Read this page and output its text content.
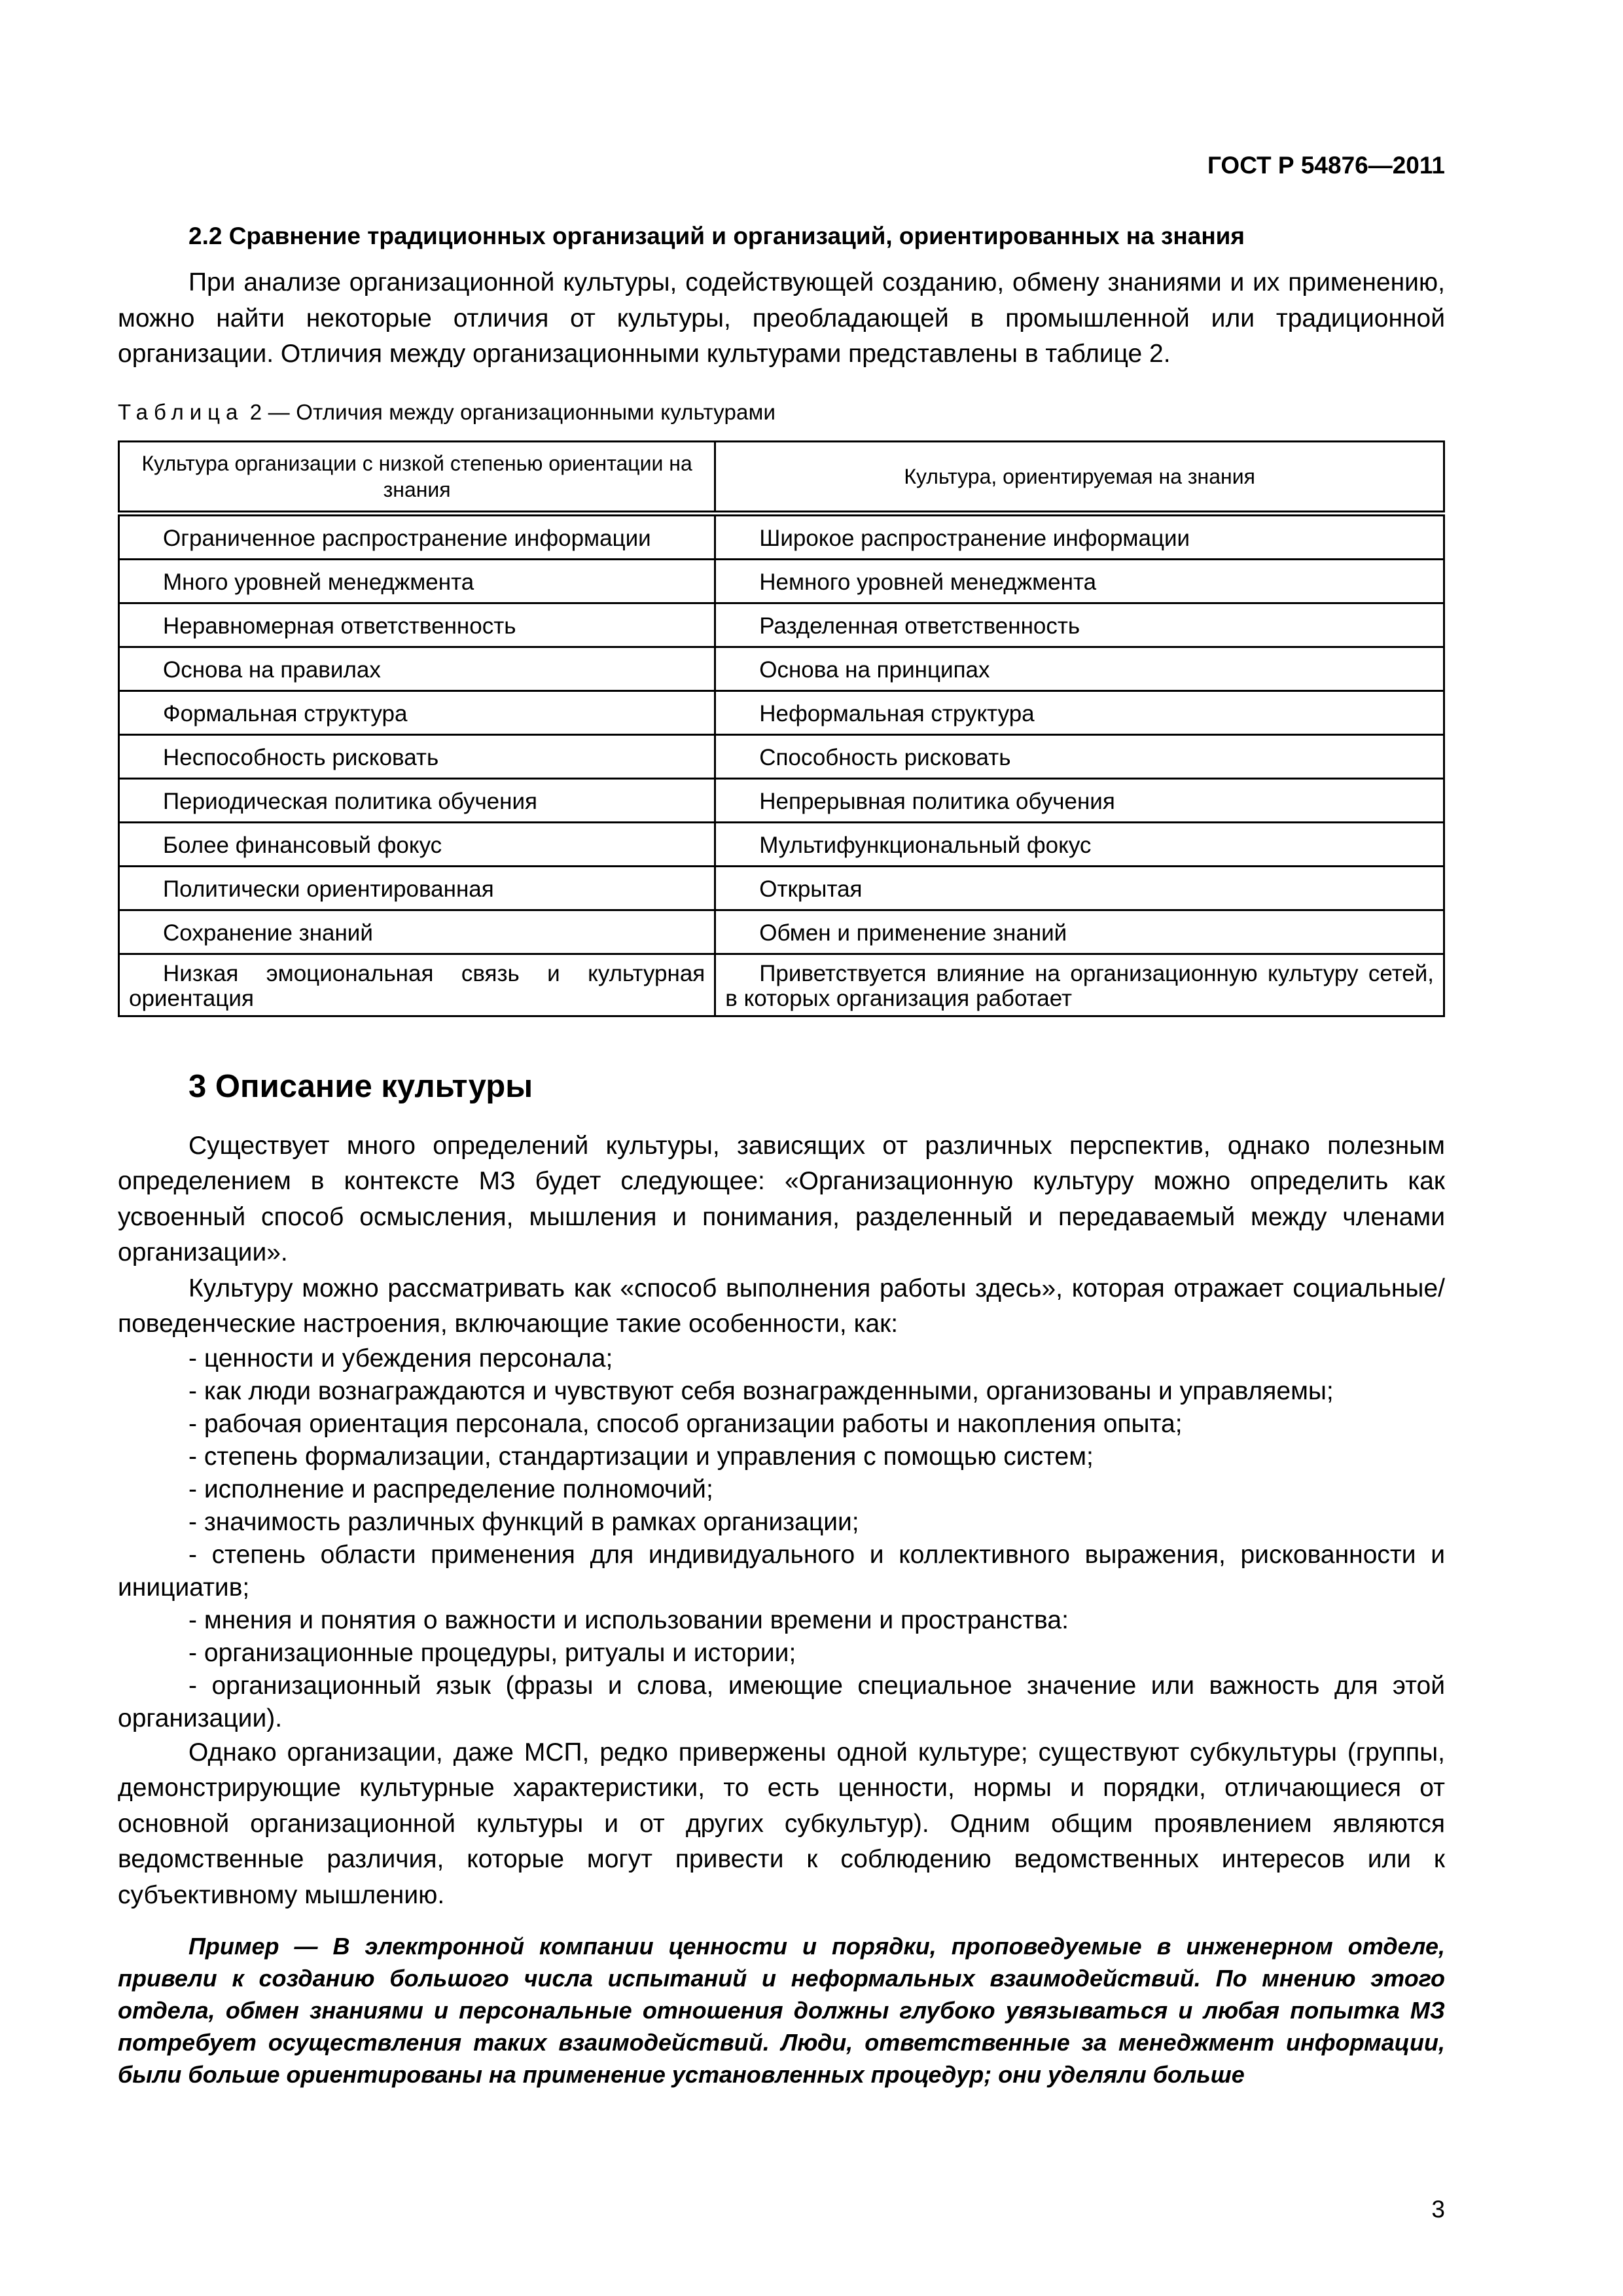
ГОСТ Р 54876—2011
2.2 Сравнение традиционных организаций и организаций, ориентированных на знания

При анализе организационной культуры, содействующей созданию, обмену знаниями и их применению, можно найти некоторые отличия от культуры, преобладающей в промышленной или традиционной организации. Отличия между организационными культурами представлены в таблице 2.

Таблица 2 — Отличия между организационными культурами
Культура организации с низкой степенью ориентации на знания	Культура, ориентируемая на знания

Ограниченное распространение информации	Широкое распространение информации

Много уровней менеджмента	Немного уровней менеджмента

Неравномерная ответственность	Разделенная ответственность

Основа на правилах	Основа на принципах

Формальная структура	Неформальная структура

Неспособность рисковать	Способность рисковать

Периодическая политика обучения	Непрерывная политика обучения

Более финансовый фокус	Мультифункциональный фокус

Политически ориентированная	Открытая

Сохранение знаний	Обмен и применение знаний

Низкая эмоциональная связь и культурная ориентация	Приветствуется влияние на организационную культуру сетей, в которых организация работает
3 Описание культуры

Существует много определений культуры, зависящих от различных перспектив, однако полезным определением в контексте МЗ будет следующее: «Организационную культуру можно определить как усвоенный способ осмысления, мышления и понимания, разделенный и передаваемый между членами организации».

Культуру можно рассматривать как «способ выполнения работы здесь», которая отражает социальные/поведенческие настроения, включающие такие особенности, как:

- ценности и убеждения персонала;
- как люди вознаграждаются и чувствуют себя вознагражденными, организованы и управляемы;
- рабочая ориентация персонала, способ организации работы и накопления опыта;
- степень формализации, стандартизации и управления с помощью систем;
- исполнение и распределение полномочий;
- значимость различных функций в рамках организации;
- степень области применения для индивидуального и коллективного выражения, рискованности и инициатив;
- мнения и понятия о важности и использовании времени и пространства:
- организационные процедуры, ритуалы и истории;
- организационный язык (фразы и слова, имеющие специальное значение или важность для этой организации).

Однако организации, даже МСП, редко привержены одной культуре; существуют субкультуры (группы, демонстрирующие культурные характеристики, то есть ценности, нормы и порядки, отличающиеся от основной организационной культуры и от других субкультур). Одним общим проявлением являются ведомственные различия, которые могут привести к соблюдению ведомственных интересов или к субъективному мышлению.

Пример — В электронной компании ценности и порядки, проповедуемые в инженерном отделе, привели к созданию большого числа испытаний и неформальных взаимодействий. По мнению этого отдела, обмен знаниями и персональные отношения должны глубоко увязываться и любая попытка МЗ потребует осуществления таких взаимодействий. Люди, ответственные за менеджмент информации, были больше ориентированы на применение установленных процедур; они уделяли больше
3
